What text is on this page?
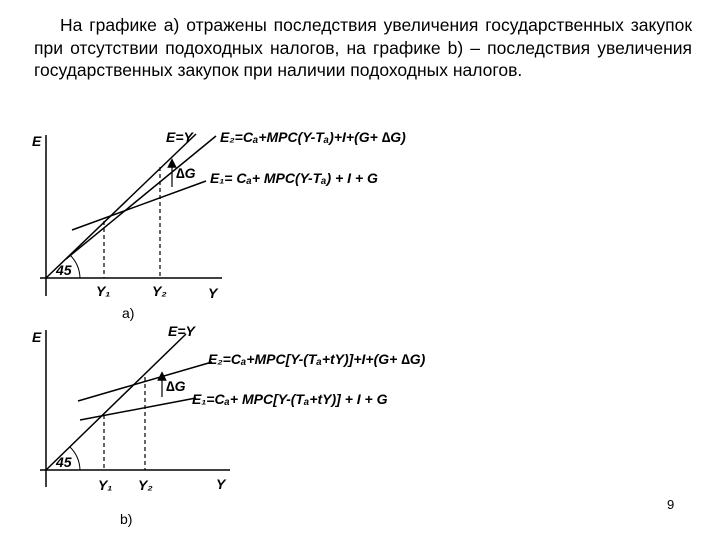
На графике а) отражены последствия увеличения государственных закупок при отсутствии подоходных налогов, на графике b) – последствия увеличения государственных закупок при наличии подоходных налогов.

E
Y
E=Y E₂=Cₐ+MPC(Y-Tₐ)+I+(G+ ∆G)
∆G E₁= Cₐ+ MPC(Y-Tₐ) + I + G
45
Y₁	Y₂
a)
E
Y
E=Y
E₂=Cₐ+MPC[Y-(Tₐ+tY)]+I+(G+ ∆G)
∆G
E₁=Cₐ+ MPC[Y-(Tₐ+tY)] + I + G
45
Y₁ Y₂
b)
9
